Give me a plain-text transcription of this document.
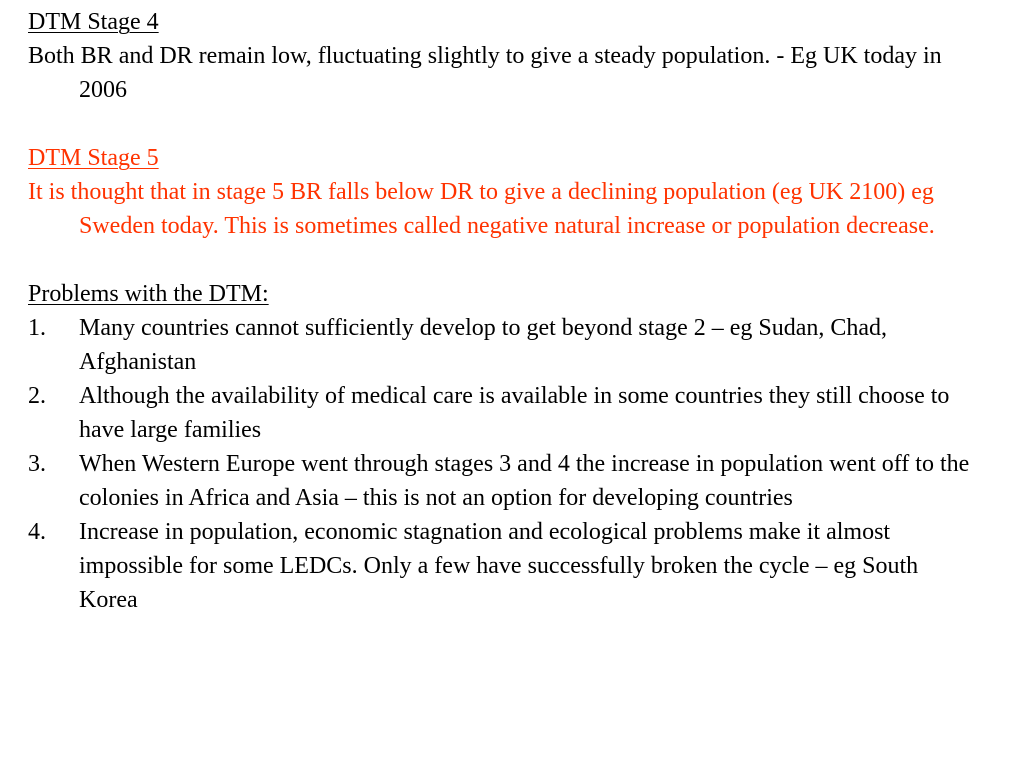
DTM Stage 4

Both BR and DR remain low, fluctuating slightly to give a steady population. - Eg UK today in 2006

DTM Stage 5

It is thought that in stage 5 BR falls below DR to give a declining population (eg UK 2100) eg Sweden today. This is sometimes called negative natural increase or population decrease.

Problems with the DTM:

1. Many countries cannot sufficiently develop to get beyond stage 2 – eg Sudan, Chad, Afghanistan
2. Although the availability of medical care is available in some countries they still choose to have large families
3. When Western Europe went through stages 3 and 4 the increase in population went off to the colonies in Africa and Asia – this is not an option for developing countries
4. Increase in population, economic stagnation and ecological problems make it almost impossible for some LEDCs. Only a few have successfully broken the cycle – eg South Korea
